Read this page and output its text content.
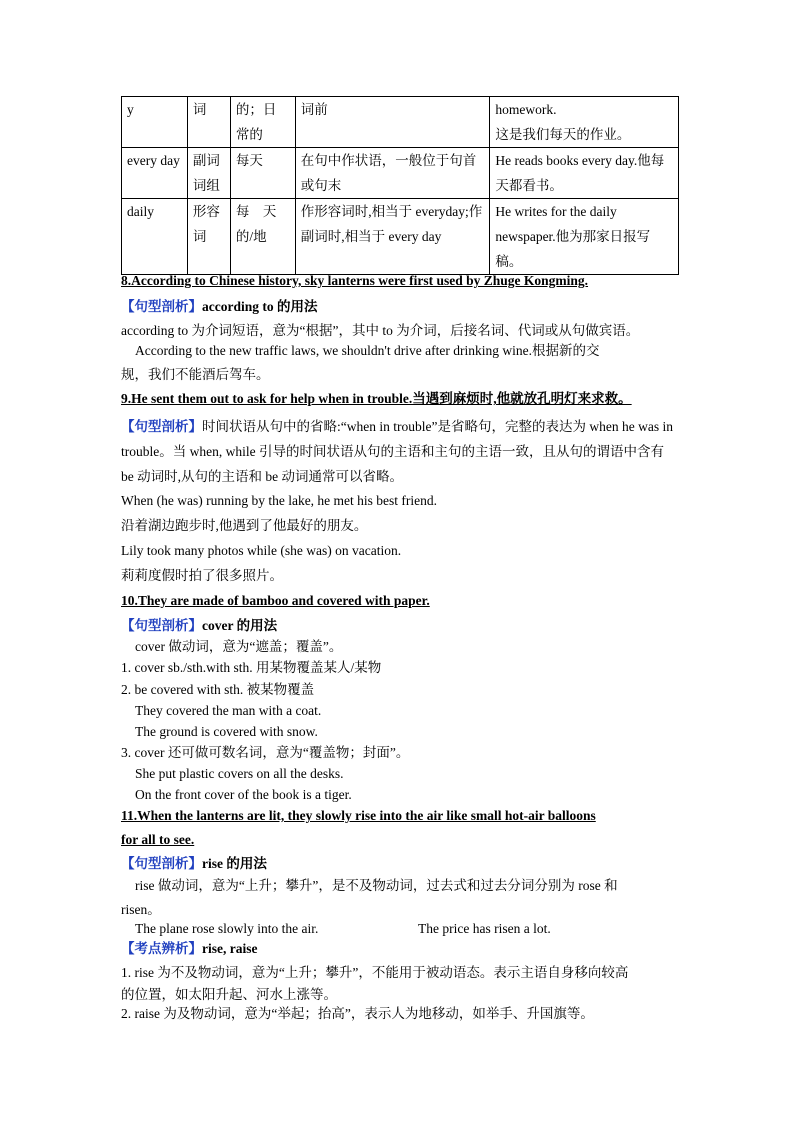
y	词	的；日常的	词前	homework.
这是我们每天的作业。
every day	副词词组	每天	在句中作状语，一般位于句首或句末	He reads books every day.他每天都看书。
daily	形容词	每　天的/地	作形容词时,相当于 everyday;作副词时,相当于 every day	He writes for the daily newspaper.他为那家日报写稿。
8.According to Chinese history, sky lanterns were first used by Zhuge Kongming.
【句型剖析】according to 的用法
according to 为介词短语，意为“根据”，其中 to 为介词，后接名词、代词或从句做宾语。
According to the new traffic laws, we shouldn't drive after drinking wine.根据新的交
规，我们不能酒后驾车。
9.He sent them out to ask for help when in trouble.当遇到麻烦时,他就放孔明灯来求救。
【句型剖析】时间状语从句中的省略:“when in trouble”是省略句，完整的表达为 when he was in trouble。当 when, while 引导的时间状语从句的主语和主句的主语一致，且从句的谓语中含有 be 动词时,从句的主语和 be 动词通常可以省略。
When (he was) running by the lake, he met his best friend.
沿着湖边跑步时,他遇到了他最好的朋友。
Lily took many photos while (she was) on vacation.
莉莉度假时拍了很多照片。
10.They are made of bamboo and covered with paper.
【句型剖析】cover 的用法
cover 做动词，意为“遮盖；覆盖”。
1. cover sb./sth.with sth. 用某物覆盖某人/某物
2. be covered with sth. 被某物覆盖
They covered the man with a coat.
The ground is covered with snow.
3. cover 还可做可数名词，意为“覆盖物；封面”。
She put plastic covers on all the desks.
On the front cover of the book is a tiger.
11.When the lanterns are lit, they slowly rise into the air like small hot-air balloons
for all to see.
【句型剖析】rise 的用法
rise 做动词，意为“上升；攀升”，是不及物动词，过去式和过去分词分别为 rose 和
risen。
The plane rose slowly into the air.	The price has risen a lot.
【考点辨析】rise, raise
1. rise 为不及物动词，意为“上升；攀升”，不能用于被动语态。表示主语自身移向较高
的位置，如太阳升起、河水上涨等。
2. raise 为及物动词，意为“举起；抬高”，表示人为地移动，如举手、升国旗等。
